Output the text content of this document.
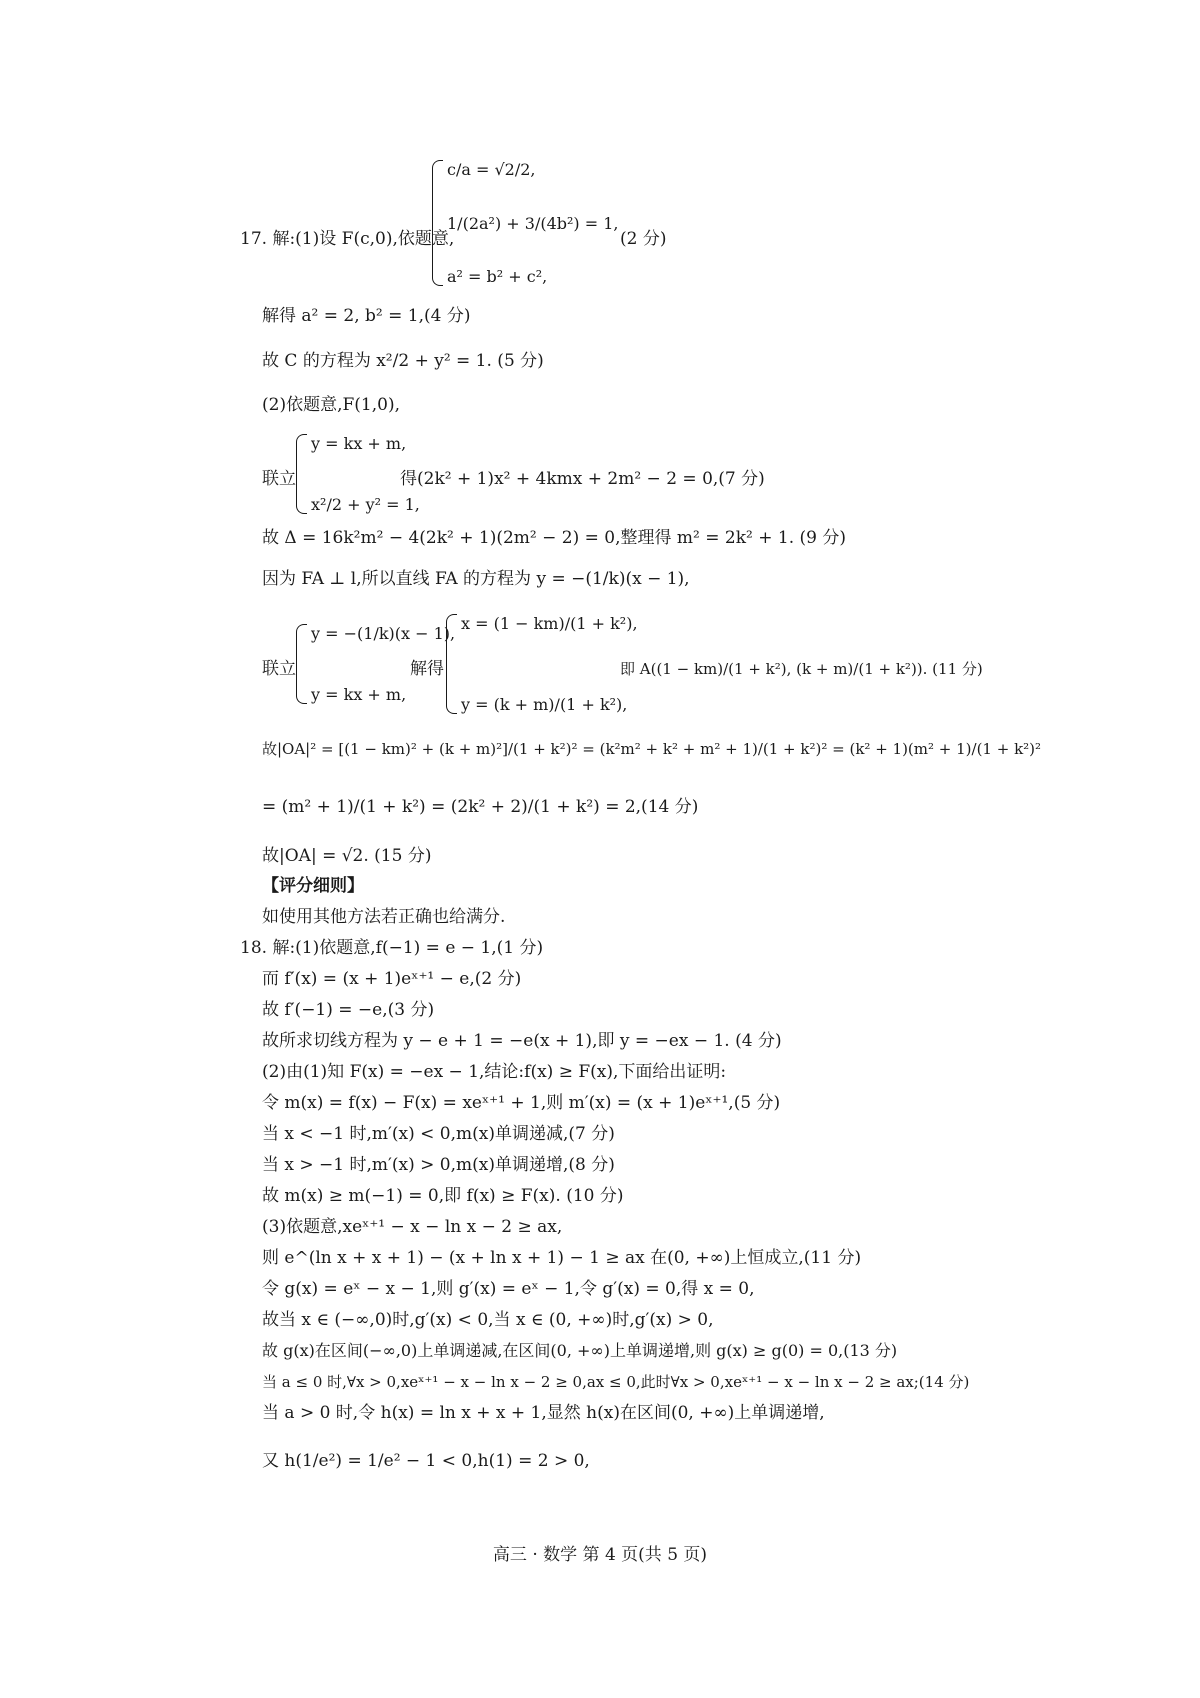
17. 解:(1)设 F(c,0),依题意,
c/a = √2/2,
1/(2a²) + 3/(4b²) = 1,
a² = b² + c²,
(2 分)
解得 a² = 2, b² = 1,(4 分)
故 C 的方程为 x²/2 + y² = 1. (5 分)
(2)依题意,F(1,0),
联立
y = kx + m,
x²/2 + y² = 1,
得(2k² + 1)x² + 4kmx + 2m² − 2 = 0,(7 分)
故 Δ = 16k²m² − 4(2k² + 1)(2m² − 2) = 0,整理得 m² = 2k² + 1. (9 分)
因为 FA ⊥ l,所以直线 FA 的方程为 y = −(1/k)(x − 1),
联立
y = −(1/k)(x − 1),
y = kx + m,
解得
x = (1 − km)/(1 + k²),
y = (k + m)/(1 + k²),
即 A((1 − km)/(1 + k²), (k + m)/(1 + k²)). (11 分)
故|OA|² = [(1 − km)² + (k + m)²]/(1 + k²)² = (k²m² + k² + m² + 1)/(1 + k²)² = (k² + 1)(m² + 1)/(1 + k²)²
= (m² + 1)/(1 + k²) = (2k² + 2)/(1 + k²) = 2,(14 分)
故|OA| = √2. (15 分)
【评分细则】
如使用其他方法若正确也给满分.
18. 解:(1)依题意,f(−1) = e − 1,(1 分)
而 f′(x) = (x + 1)eˣ⁺¹ − e,(2 分)
故 f′(−1) = −e,(3 分)
故所求切线方程为 y − e + 1 = −e(x + 1),即 y = −ex − 1. (4 分)
(2)由(1)知 F(x) = −ex − 1,结论:f(x) ≥ F(x),下面给出证明:
令 m(x) = f(x) − F(x) = xeˣ⁺¹ + 1,则 m′(x) = (x + 1)eˣ⁺¹,(5 分)
当 x < −1 时,m′(x) < 0,m(x)单调递减,(7 分)
当 x > −1 时,m′(x) > 0,m(x)单调递增,(8 分)
故 m(x) ≥ m(−1) = 0,即 f(x) ≥ F(x). (10 分)
(3)依题意,xeˣ⁺¹ − x − ln x − 2 ≥ ax,
则 e^(ln x + x + 1) − (x + ln x + 1) − 1 ≥ ax 在(0, +∞)上恒成立,(11 分)
令 g(x) = eˣ − x − 1,则 g′(x) = eˣ − 1,令 g′(x) = 0,得 x = 0,
故当 x ∈ (−∞,0)时,g′(x) < 0,当 x ∈ (0, +∞)时,g′(x) > 0,
故 g(x)在区间(−∞,0)上单调递减,在区间(0, +∞)上单调递增,则 g(x) ≥ g(0) = 0,(13 分)
当 a ≤ 0 时,∀x > 0,xeˣ⁺¹ − x − ln x − 2 ≥ 0,ax ≤ 0,此时∀x > 0,xeˣ⁺¹ − x − ln x − 2 ≥ ax;(14 分)
当 a > 0 时,令 h(x) = ln x + x + 1,显然 h(x)在区间(0, +∞)上单调递增,
又 h(1/e²) = 1/e² − 1 < 0,h(1) = 2 > 0,
高三 · 数学 第 4 页(共 5 页)
